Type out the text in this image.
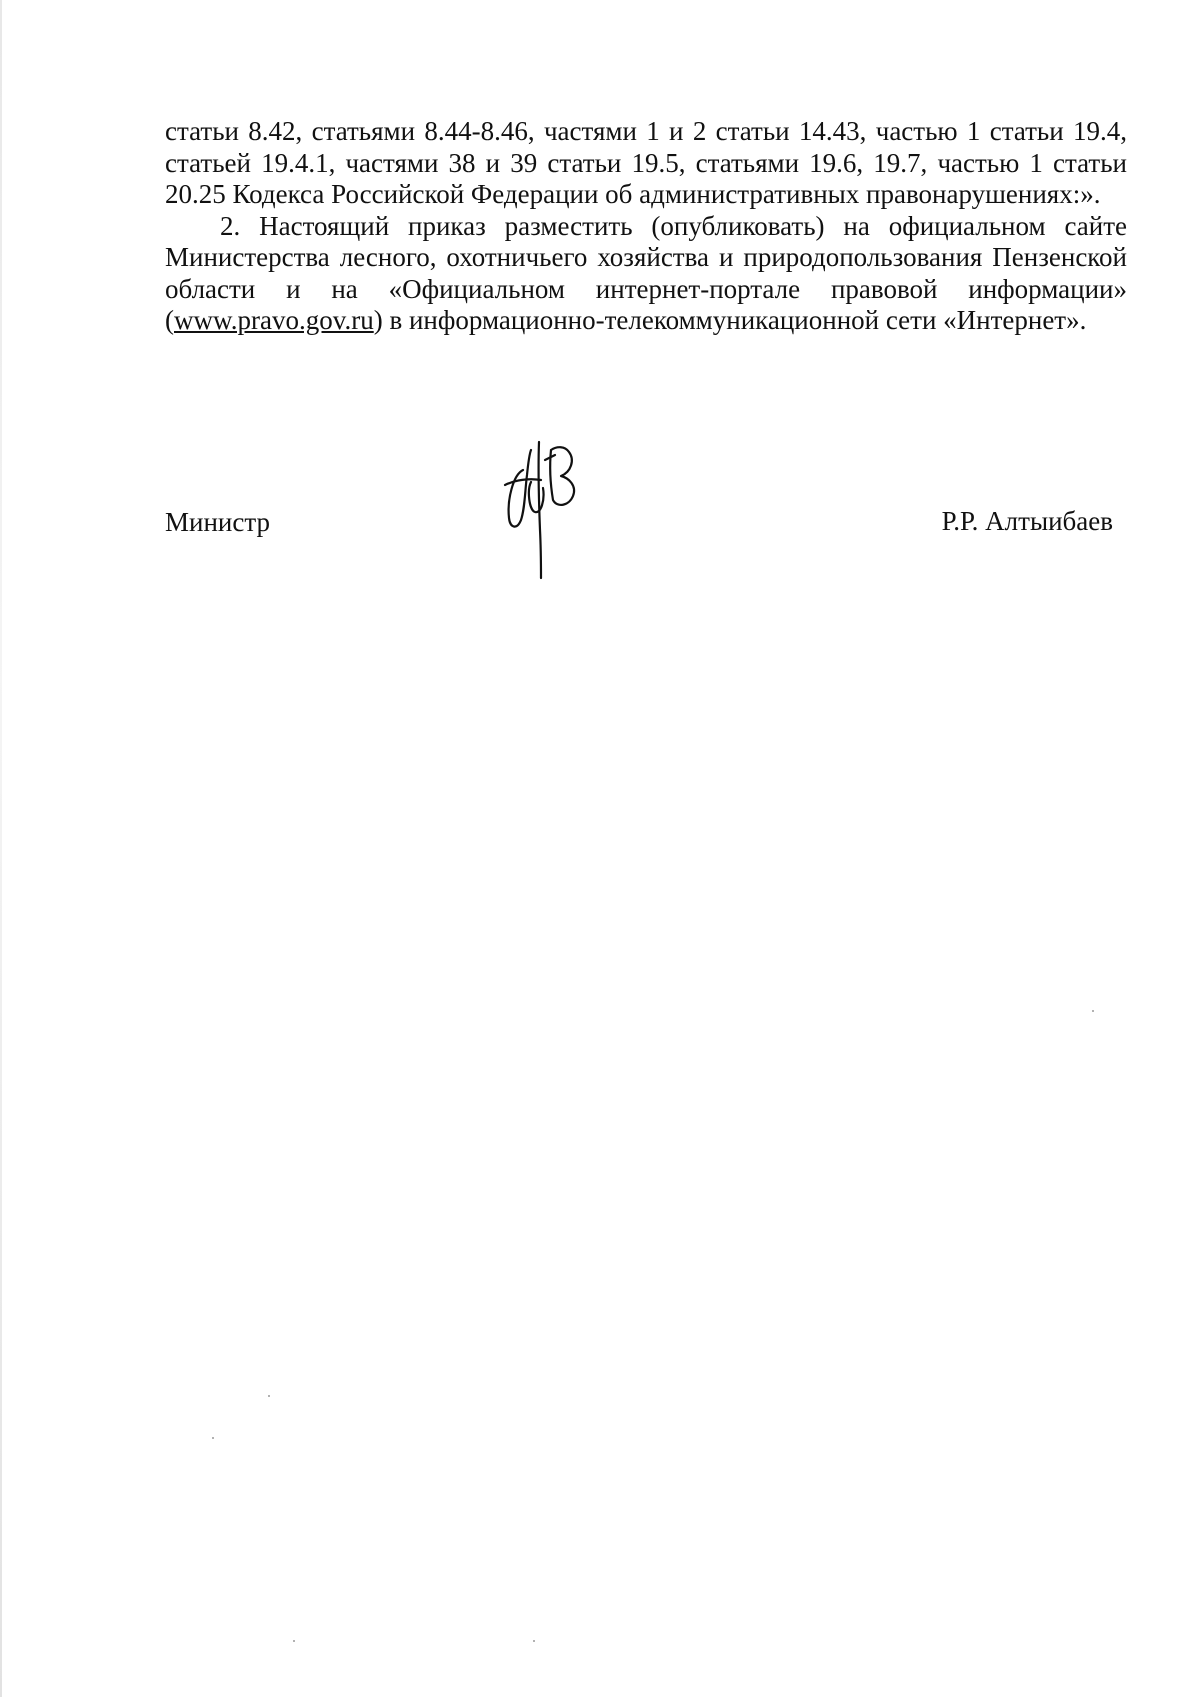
статьи 8.42, статьями 8.44-8.46, частями 1 и 2 статьи 14.43, частью 1 статьи 19.4, статьей 19.4.1, частями 38 и 39 статьи 19.5, статьями 19.6, 19.7, частью 1 статьи 20.25 Кодекса Российской Федерации об административных правонарушениях:».

2. Настоящий приказ разместить (опубликовать) на официальном сайте Министерства лесного, охотничьего хозяйства и природопользования Пензенской области и на «Официальном интернет-портале правовой информации» (www.pravo.gov.ru) в информационно-телекоммуникационной сети «Интернет».

Министр	Р.Р. Алтыибаев
